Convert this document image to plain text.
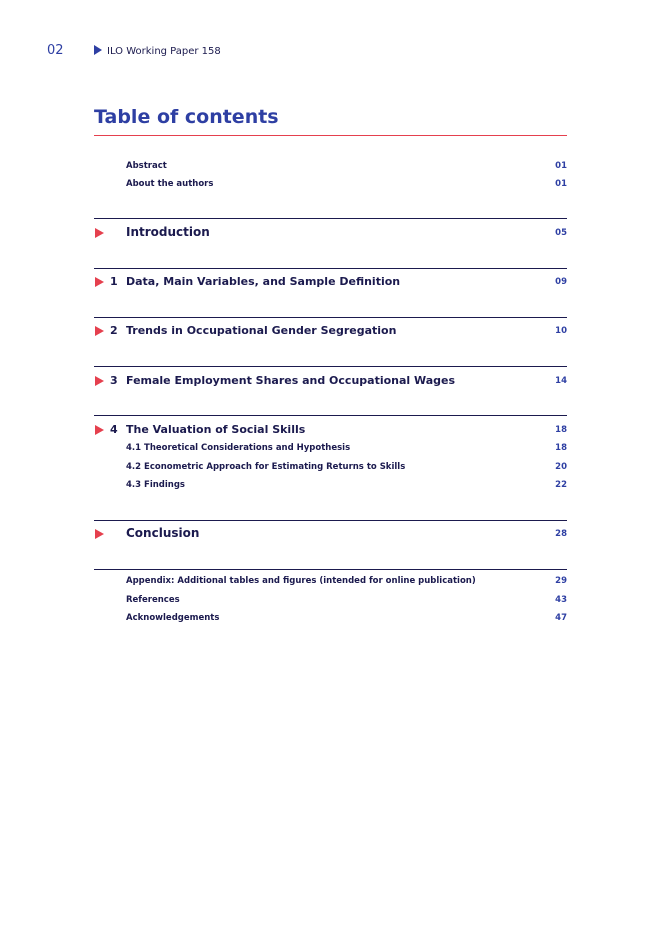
02	ILO Working Paper 158
Table of contents
Abstract	01
About the authors	01
Introduction	05
1 Data, Main Variables, and Sample Definition	09
2 Trends in Occupational Gender Segregation	10
3 Female Employment Shares and Occupational Wages	14
4 The Valuation of Social Skills	18
4.1 Theoretical Considerations and Hypothesis	18
4.2 Econometric Approach for Estimating Returns to Skills	20
4.3 Findings	22
Conclusion	28
Appendix: Additional tables and figures (intended for online publication)	29
References	43
Acknowledgements	47
